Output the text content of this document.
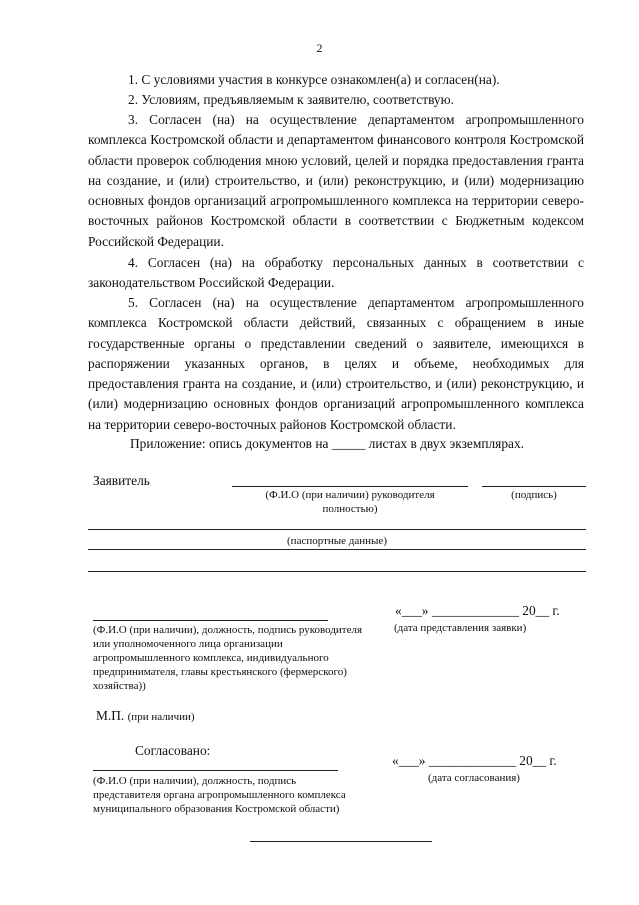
2
1. С условиями участия в конкурсе ознакомлен(а) и согласен(на).
2. Условиям, предъявляемым к заявителю, соответствую.
3. Согласен (на) на осуществление департаментом агропромышленного комплекса Костромской области и департаментом финансового контроля Костромской области проверок соблюдения мною условий, целей и порядка предоставления гранта на создание, и (или) строительство, и (или) реконструкцию, и (или) модернизацию основных фондов организаций агропромышленного комплекса на территории северо-восточных районов Костромской области в соответствии с Бюджетным кодексом Российской Федерации.
4. Согласен (на) на обработку персональных данных в соответствии с законодательством Российской Федерации.
5. Согласен (на) на осуществление департаментом агропромышленного комплекса Костромской области действий, связанных с обращением в иные государственные органы о представлении сведений о заявителе, имеющихся в распоряжении указанных органов, в целях и объеме, необходимых для предоставления гранта на создание, и (или) строительство, и (или) реконструкцию, и (или) модернизацию основных фондов организаций агропромышленного комплекса на территории северо-восточных районов Костромской области.
Приложение: опись документов на _____ листах в двух экземплярах.
Заявитель
(Ф.И.О (при наличии) руководителя полностью)
(подпись)
(паспортные данные)
(Ф.И.О (при наличии), должность, подпись руководителя или уполномоченного лица организации агропромышленного комплекса, индивидуального предпринимателя, главы крестьянского (фермерского) хозяйства))
«___» _____________ 20__ г.
(дата представления заявки)
М.П. (при наличии)
Согласовано:
(Ф.И.О (при наличии), должность, подпись представителя органа агропромышленного комплекса муниципального образования Костромской области)
«___» _____________ 20__ г.
(дата согласования)
